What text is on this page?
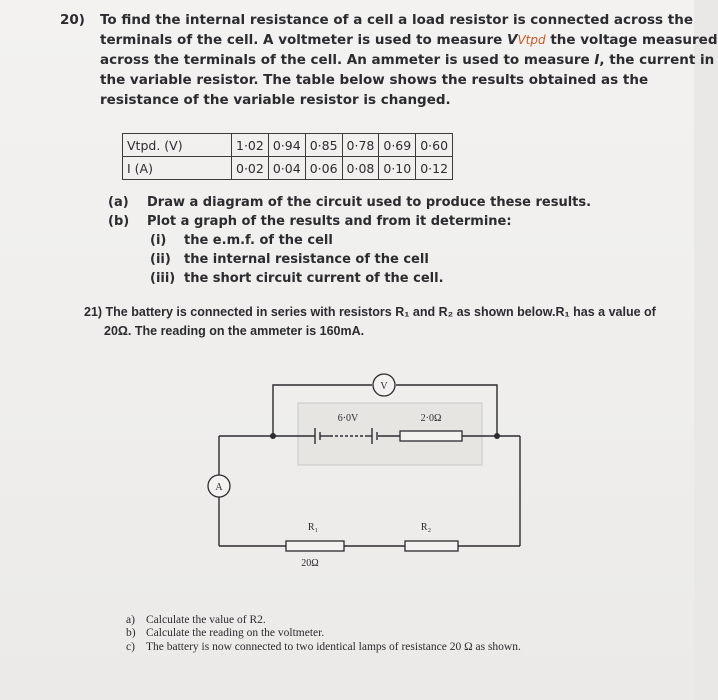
20) To find the internal resistance of a cell a load resistor is connected across the
terminals of the cell. A voltmeter is used to measure VVtpd the voltage measured
across the terminals of the cell. An ammeter is used to measure I, the current in
the variable resistor. The table below shows the results obtained as the
resistance of the variable resistor is changed.
Vtpd. (V)	1·02	0·94	0·85	0·78	0·69	0·60
I (A)	0·02	0·04	0·06	0·08	0·10	0·12
(a) Draw a diagram of the circuit used to produce these results.
(b) Plot a graph of the results and from it determine:
(i) the e.m.f. of the cell
(ii) the internal resistance of the cell
(iii) the short circuit current of the cell.
21) The battery is connected in series with resistors R₁ and R₂ as shown below.R₁ has a value of
20Ω. The reading on the ammeter is 160mA.
V
A
6·0V	2·0Ω
R₁
20Ω
R₂
a) Calculate the value of R2.
b) Calculate the reading on the voltmeter.
c) The battery is now connected to two identical lamps of resistance 20 Ω as shown.
